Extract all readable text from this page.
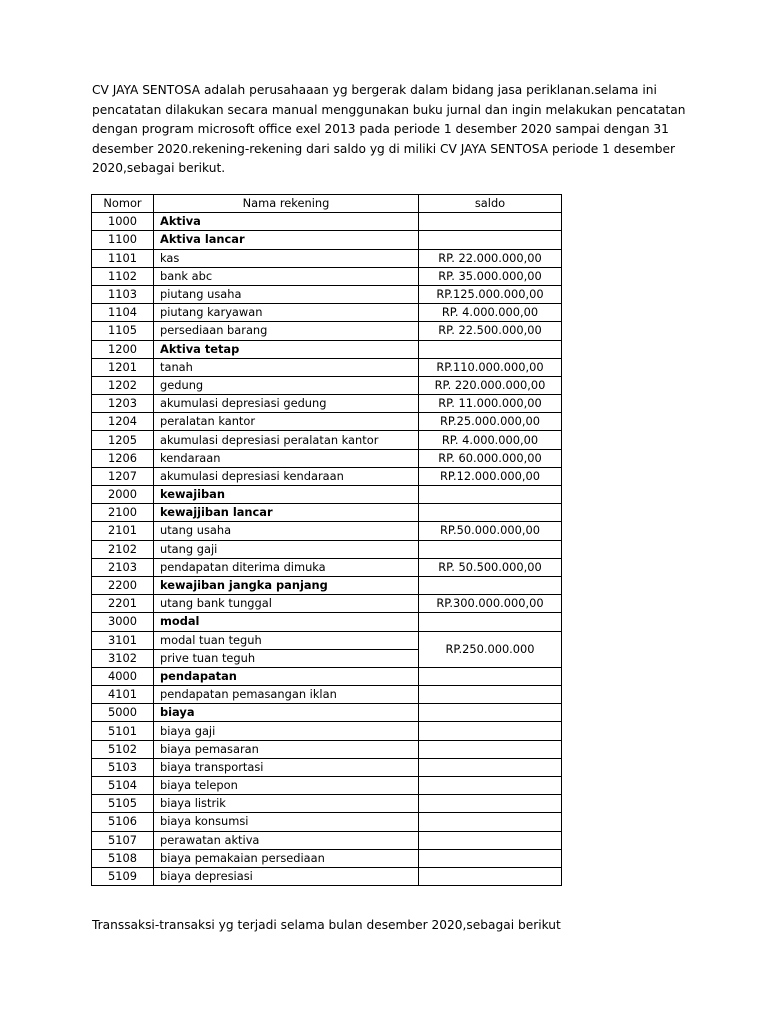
CV JAYA SENTOSA adalah perusahaaan yg bergerak dalam bidang jasa periklanan.selama ini
pencatatan dilakukan secara manual menggunakan buku jurnal dan ingin melakukan pencatatan
dengan program microsoft office exel 2013 pada periode 1 desember 2020 sampai dengan 31
desember 2020.rekening-rekening dari saldo yg di miliki CV JAYA SENTOSA periode 1 desember
2020,sebagai berikut.
Nomor	Nama rekening	saldo
1000	Aktiva	
1100	Aktiva lancar	
1101	kas	RP. 22.000.000,00
1102	bank abc	RP. 35.000.000,00
1103	piutang usaha	RP.125.000.000,00
1104	piutang karyawan	RP. 4.000.000,00
1105	persediaan barang	RP. 22.500.000,00
1200	Aktiva tetap	
1201	tanah	RP.110.000.000,00
1202	gedung	RP. 220.000.000,00
1203	akumulasi depresiasi gedung	RP. 11.000.000,00
1204	peralatan kantor	RP.25.000.000,00
1205	akumulasi depresiasi peralatan kantor	RP. 4.000.000,00
1206	kendaraan	RP. 60.000.000,00
1207	akumulasi depresiasi kendaraan	RP.12.000.000,00
2000	kewajiban	
2100	kewajjiban lancar	
2101	utang usaha	RP.50.000.000,00
2102	utang gaji	
2103	pendapatan diterima dimuka	RP. 50.500.000,00
2200	kewajiban jangka panjang	
2201	utang bank tunggal	RP.300.000.000,00
3000	modal	
3101	modal tuan teguh	RP.250.000.000
3102	prive tuan teguh	
4000	pendapatan	
4101	pendapatan pemasangan iklan	
5000	biaya	
5101	biaya gaji	
5102	biaya pemasaran	
5103	biaya transportasi	
5104	biaya telepon	
5105	biaya listrik	
5106	biaya konsumsi	
5107	perawatan aktiva	
5108	biaya pemakaian persediaan	
5109	biaya depresiasi	
Transsaksi-transaksi yg terjadi selama bulan desember 2020,sebagai berikut
